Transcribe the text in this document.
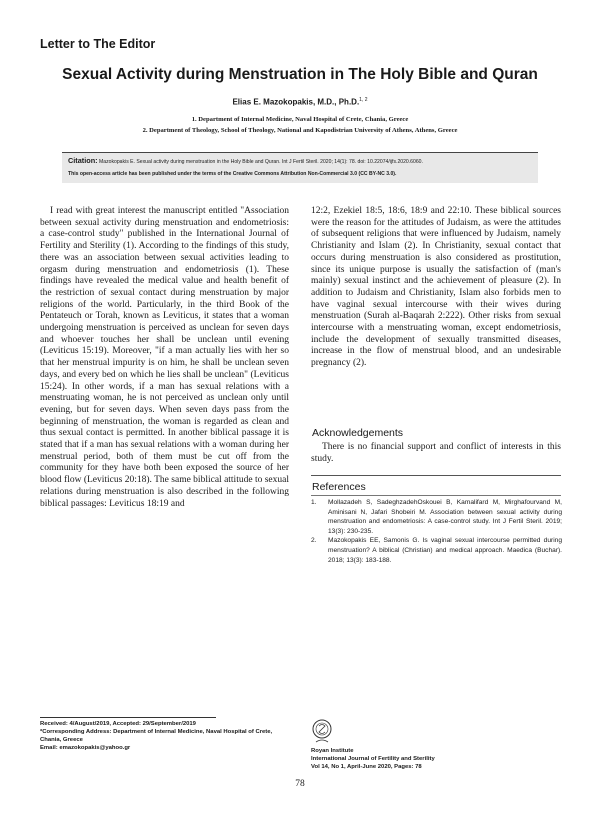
Letter to The Editor
Sexual Activity during Menstruation in The Holy Bible and Quran
Elias E. Mazokopakis, M.D., Ph.D.$^{1, 2}$
1. Department of Internal Medicine, Naval Hospital of Crete, Chania, Greece
2. Department of Theology, School of Theology, National and Kapodistrian University of Athens, Athens, Greece
Citation: Mazokopakis E. Sexual activity during menstruation in the Holy Bible and Quran. Int J Fertil Steril. 2020; 14(1): 78. doi: 10.22074/ijfs.2020.6060.
This open-access article has been published under the terms of the Creative Commons Attribution Non-Commercial 3.0 (CC BY-NC 3.0).

I read with great interest the manuscript entitled "Association between sexual activity during menstruation and endometriosis: a case-control study" published in the International Journal of Fertility and Sterility (1). According to the findings of this study, there was an association between sexual activities leading to orgasm during menstruation and endometriosis (1). These findings have revealed the medical value and health benefit of the restriction of sexual contact during menstruation by major religions of the world. Particularly, in the third Book of the Pentateuch or Torah, known as Leviticus, it states that a woman undergoing menstruation is perceived as unclean for seven days and whoever touches her shall be unclean until evening (Leviticus 15:19). Moreover, "if a man actually lies with her so that her menstrual impurity is on him, he shall be unclean seven days, and every bed on which he lies shall be unclean" (Leviticus 15:24). In other words, if a man has sexual relations with a menstruating woman, he is not perceived as unclean only until evening, but for seven days. When seven days pass from the beginning of menstruation, the woman is regarded as clean and thus sexual contact is permitted. In another biblical passage it is stated that if a man has sexual relations with a woman during her menstrual period, both of them must be cut off from the community for they have both been exposed the source of her blood flow (Leviticus 20:18). The same biblical attitude to sexual relations during menstruation is also described in the following biblical passages: Leviticus 18:19 and

12:2, Ezekiel 18:5, 18:6, 18:9 and 22:10. These biblical sources were the reason for the attitudes of Judaism, as were the attitudes of subsequent religions that were influenced by Judaism, namely Christianity and Islam (2). In Christianity, sexual contact that occurs during menstruation is also considered as prostitution, since its unique purpose is usually the satisfaction of (man's mainly) sexual instinct and the achievement of pleasure (2). In addition to Judaism and Christianity, Islam also forbids men to have vaginal sexual intercourse with their wives during menstruation (Surah al-Baqarah 2:222). Other risks from sexual intercourse with a menstruating woman, except endometriosis, include the development of sexually transmitted diseases, increase in the flow of menstrual blood, and an undesirable pregnancy (2).

Acknowledgements

There is no financial support and conflict of interests in this study.

References
1.	Mollazadeh S, SadeghzadehOskouei B, Kamalifard M, Mirghafourvand M, Aminisani N, Jafari Shobeiri M. Association between sexual activity during menstruation and endometriosis: A case-control study. Int J Fertil Steril. 2019; 13(3): 230-235.
2.	Mazokopakis EE, Samonis G. Is vaginal sexual intercourse permitted during menstruation? A biblical (Christian) and medical approach. Maedica (Buchar). 2018; 13(3): 183-188.
Received: 4/August/2019, Accepted: 29/September/2019
*Corresponding Address: Department of Internal Medicine, Naval Hospital of Crete, Chania, Greece
Email: emazokopakis@yahoo.gr	Royan Institute
International Journal of Fertility and Sterility
Vol 14, No 1, April-June 2020, Pages: 78
78
